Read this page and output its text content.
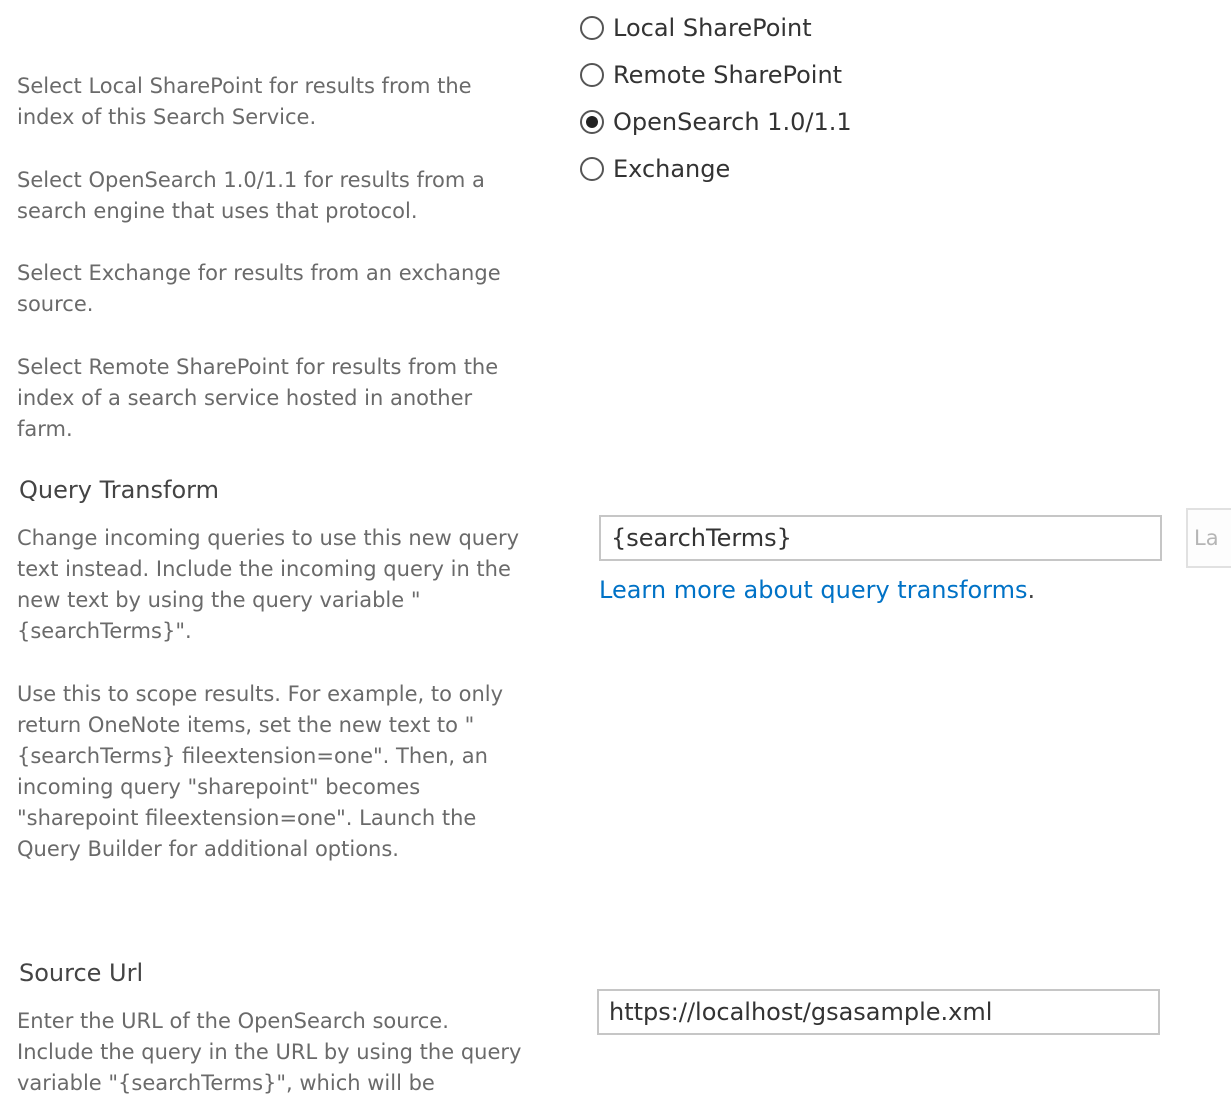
Select Local SharePoint for results from the index of this Search Service.

Select OpenSearch 1.0/1.1 for results from a search engine that uses that protocol.

Select Exchange for results from an exchange source.

Select Remote SharePoint for results from the index of a search service hosted in another farm.

Local SharePoint
Remote SharePoint
OpenSearch 1.0/1.1
Exchange
Query Transform

Change incoming queries to use this new query text instead. Include the incoming query in the new text by using the query variable "{searchTerms}".

Use this to scope results. For example, to only return OneNote items, set the new text to "{searchTerms} fileextension=one". Then, an incoming query "sharepoint" becomes "sharepoint fileextension=one". Launch the Query Builder for additional options.

{searchTerms}
La
Learn more about query transforms.
Source Url

Enter the URL of the OpenSearch source. Include the query in the URL by using the query variable "{searchTerms}", which will be

https://localhost/gsasample.xml
